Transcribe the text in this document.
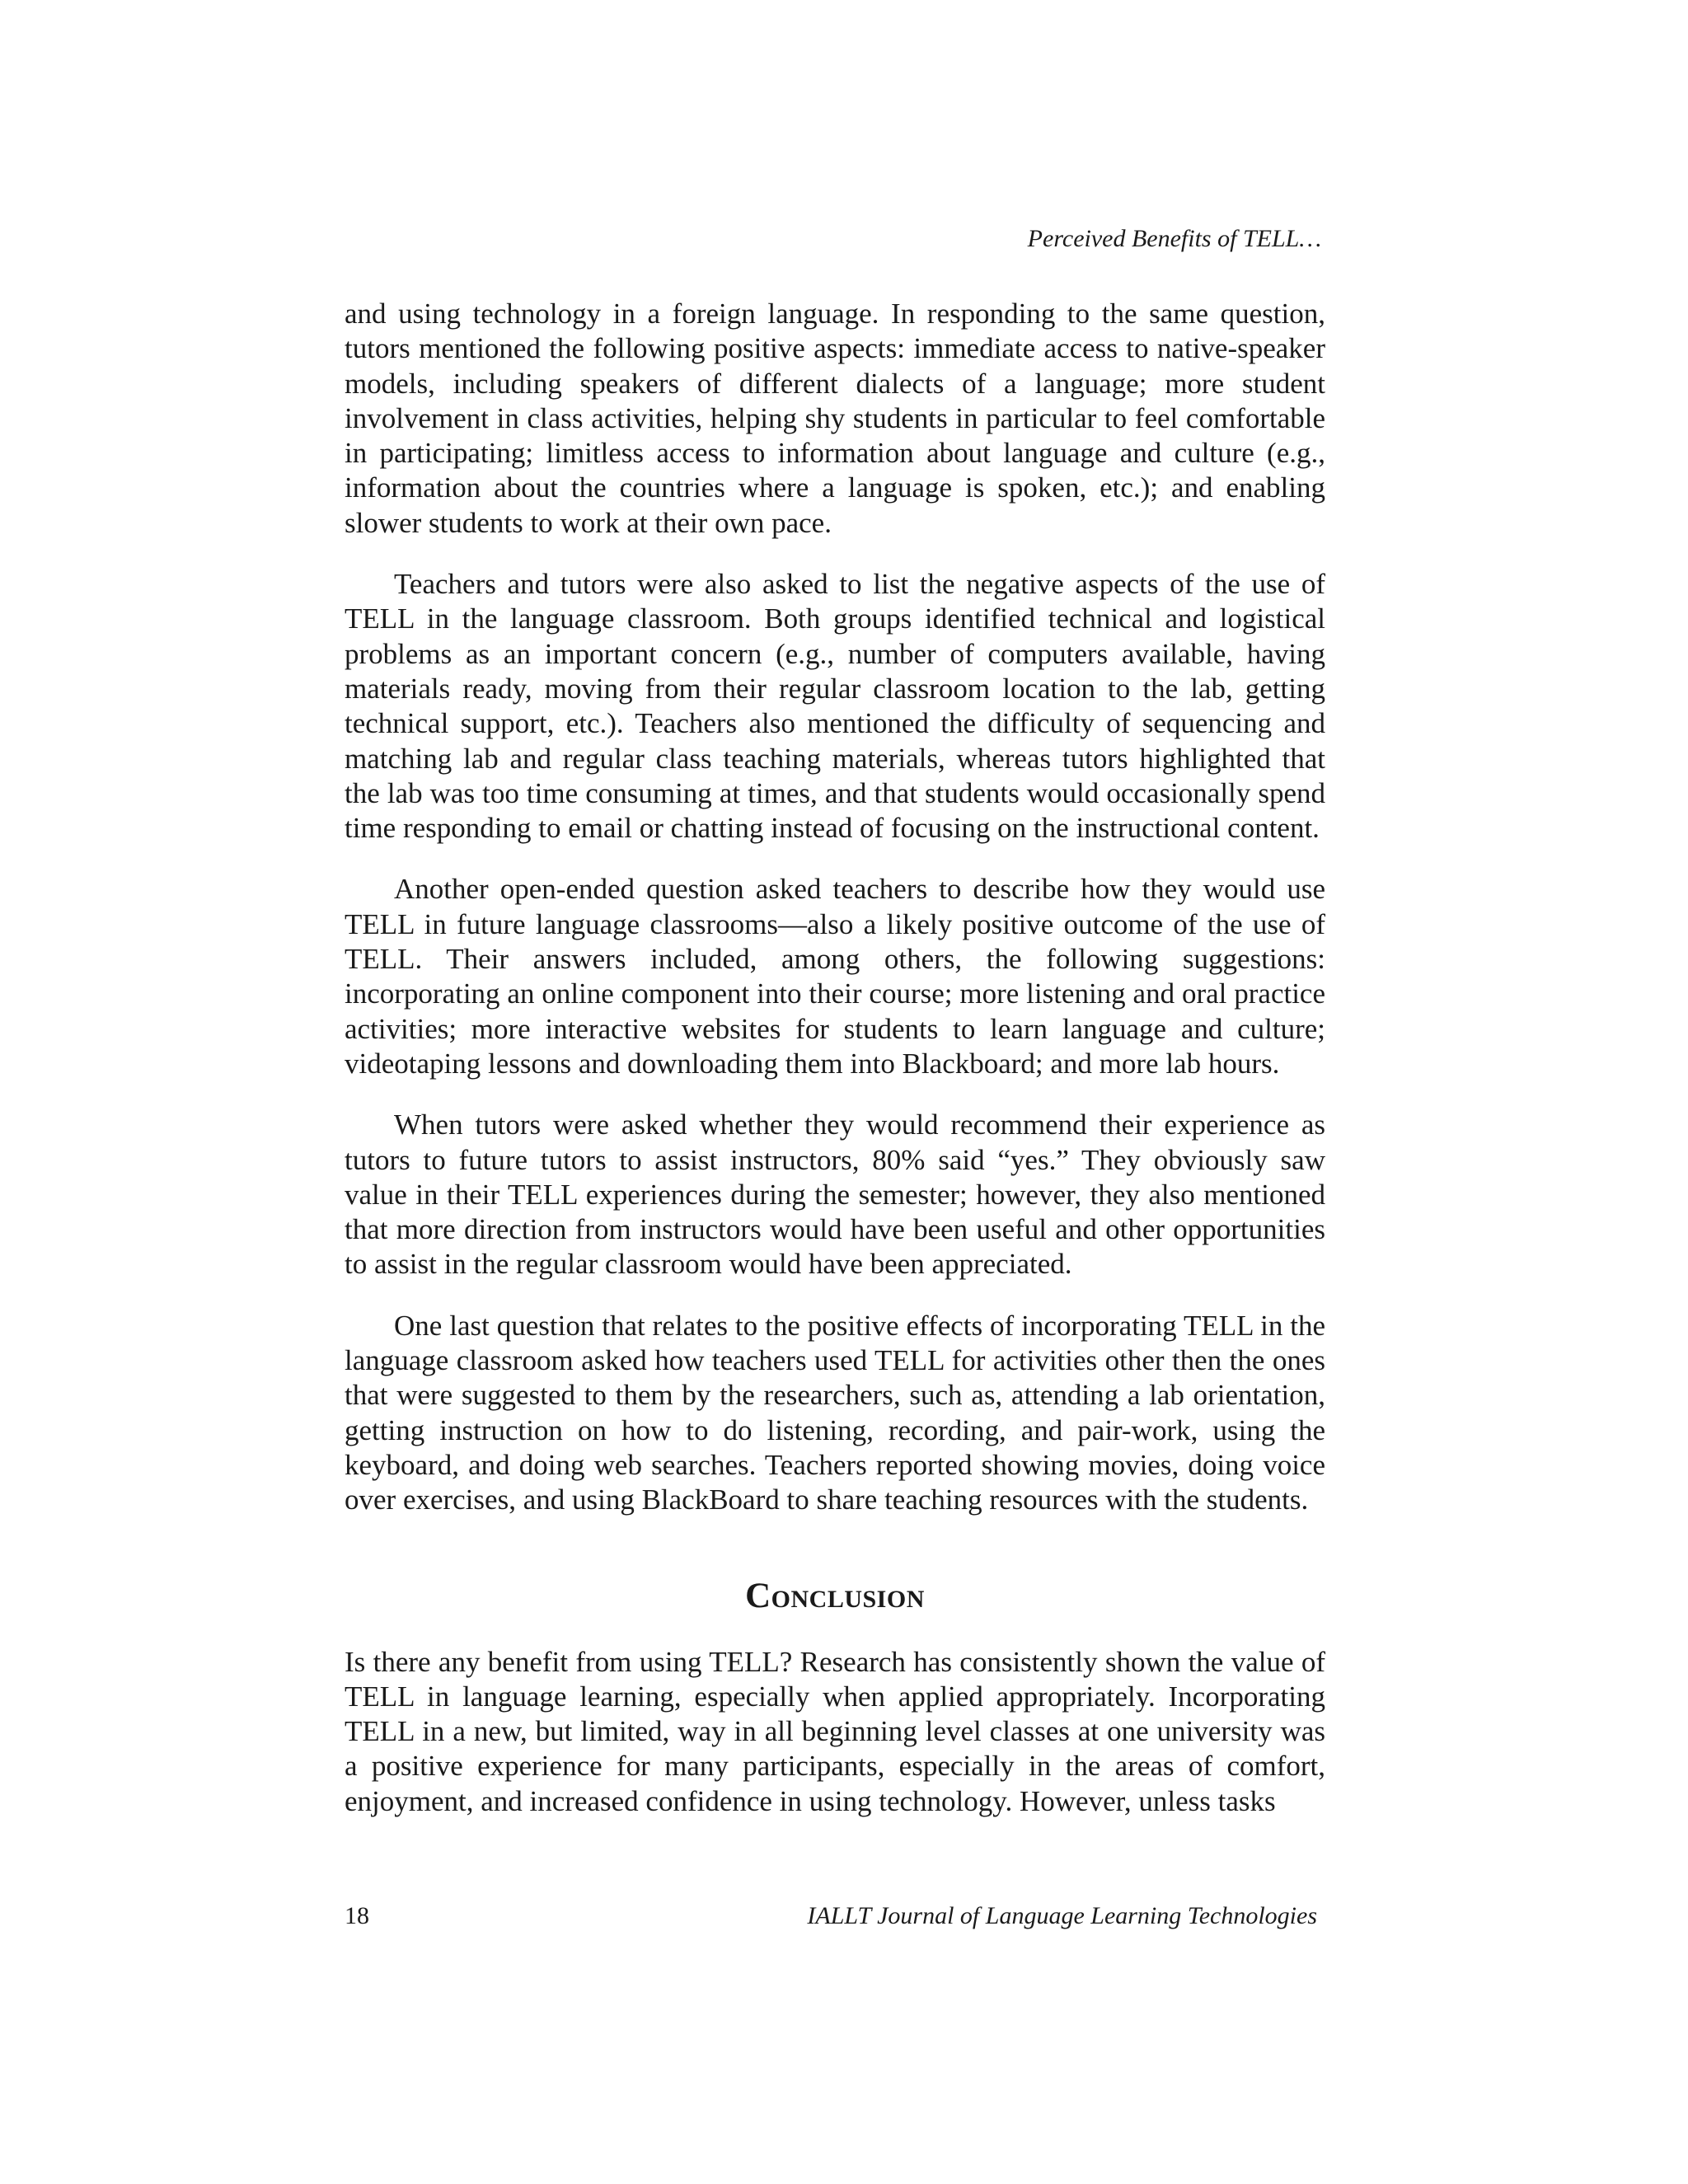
Perceived Benefits of TELL…

and using technology in a foreign language. In responding to the same question, tutors mentioned the following positive aspects: immediate access to native-speaker models, including speakers of different dialects of a language; more student involvement in class activities, helping shy students in particular to feel comfortable in participating; limitless access to information about language and culture (e.g., information about the countries where a language is spoken, etc.); and enabling slower students to work at their own pace.

Teachers and tutors were also asked to list the negative aspects of the use of TELL in the language classroom. Both groups identified technical and logistical problems as an important concern (e.g., number of computers available, having materials ready, moving from their regular classroom location to the lab, getting technical support, etc.). Teachers also mentioned the difficulty of sequencing and matching lab and regular class teaching materials, whereas tutors highlighted that the lab was too time consuming at times, and that students would occasionally spend time responding to email or chatting instead of focusing on the instructional content.

Another open-ended question asked teachers to describe how they would use TELL in future language classrooms—also a likely positive outcome of the use of TELL. Their answers included, among others, the following suggestions: incorporating an online component into their course; more listening and oral practice activities; more interactive websites for students to learn language and culture; videotaping lessons and downloading them into Blackboard; and more lab hours.

When tutors were asked whether they would recommend their experience as tutors to future tutors to assist instructors, 80% said “yes.” They obviously saw value in their TELL experiences during the semester; however, they also mentioned that more direction from instructors would have been useful and other opportunities to assist in the regular classroom would have been appreciated.

One last question that relates to the positive effects of incorporating TELL in the language classroom asked how teachers used TELL for activities other then the ones that were suggested to them by the researchers, such as, attending a lab orientation, getting instruction on how to do listening, recording, and pair-work, using the keyboard, and doing web searches. Teachers reported showing movies, doing voice over exercises, and using BlackBoard to share teaching resources with the students.

Conclusion

Is there any benefit from using TELL? Research has consistently shown the value of TELL in language learning, especially when applied appropriately. Incorporating TELL in a new, but limited, way in all beginning level classes at one university was a positive experience for many participants, especially in the areas of comfort, enjoyment, and increased confidence in using technology. However, unless tasks

18	IALLT Journal of Language Learning Technologies
